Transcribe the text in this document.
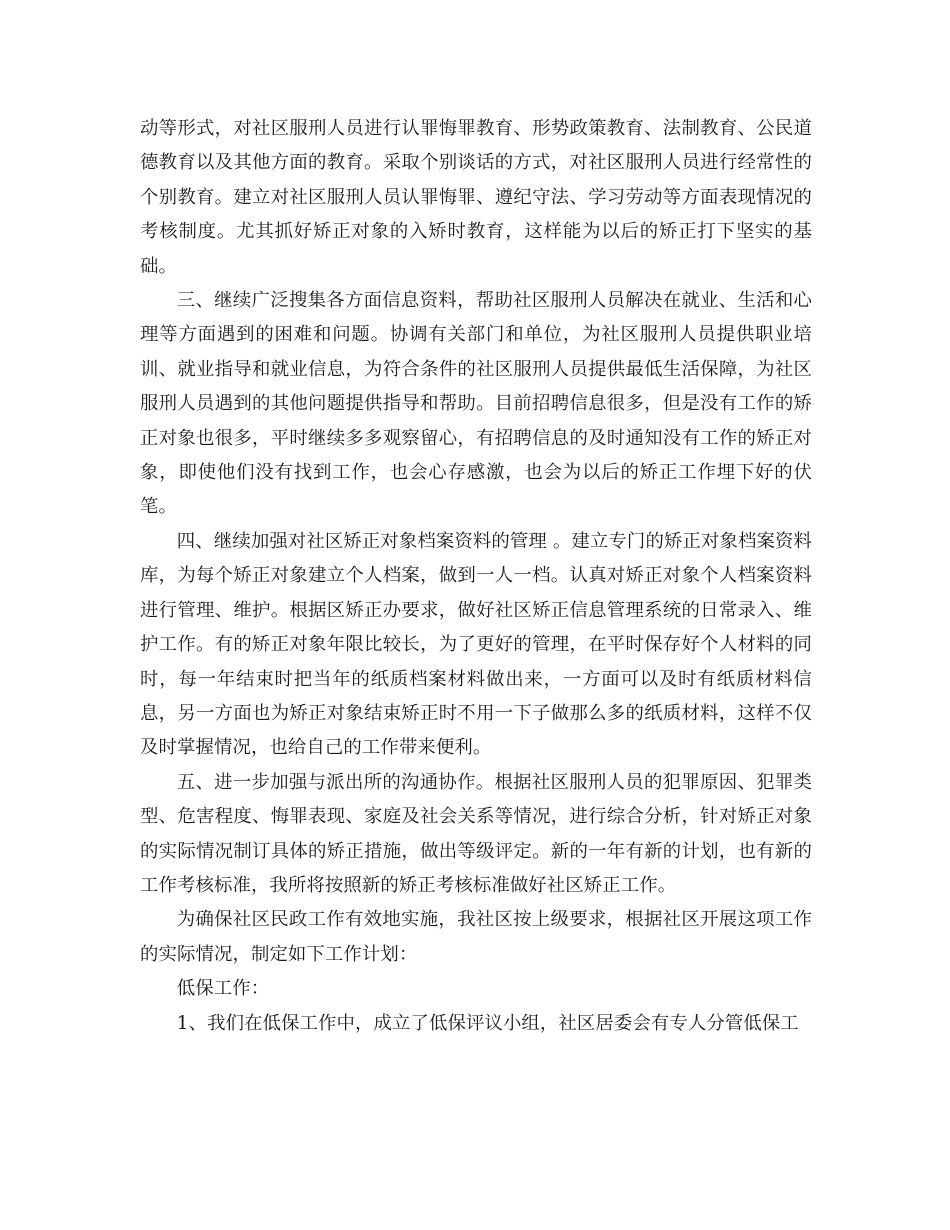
动等形式，对社区服刑人员进行认罪悔罪教育、形势政策教育、法制教育、公民道德教育以及其他方面的教育。采取个别谈话的方式，对社区服刑人员进行经常性的个别教育。建立对社区服刑人员认罪悔罪、遵纪守法、学习劳动等方面表现情况的考核制度。尤其抓好矫正对象的入矫时教育，这样能为以后的矫正打下坚实的基础。

三、继续广泛搜集各方面信息资料，帮助社区服刑人员解决在就业、生活和心理等方面遇到的困难和问题。协调有关部门和单位，为社区服刑人员提供职业培训、就业指导和就业信息，为符合条件的社区服刑人员提供最低生活保障，为社区服刑人员遇到的其他问题提供指导和帮助。目前招聘信息很多，但是没有工作的矫正对象也很多，平时继续多多观察留心，有招聘信息的及时通知没有工作的矫正对象，即使他们没有找到工作，也会心存感激，也会为以后的矫正工作埋下好的伏笔。

四、继续加强对社区矫正对象档案资料的管理 。建立专门的矫正对象档案资料库，为每个矫正对象建立个人档案，做到一人一档。认真对矫正对象个人档案资料进行管理、维护。根据区矫正办要求，做好社区矫正信息管理系统的日常录入、维护工作。有的矫正对象年限比较长，为了更好的管理，在平时保存好个人材料的同时，每一年结束时把当年的纸质档案材料做出来，一方面可以及时有纸质材料信息，另一方面也为矫正对象结束矫正时不用一下子做那么多的纸质材料，这样不仅及时掌握情况，也给自己的工作带来便利。

五、进一步加强与派出所的沟通协作。根据社区服刑人员的犯罪原因、犯罪类型、危害程度、悔罪表现、家庭及社会关系等情况，进行综合分析，针对矫正对象的实际情况制订具体的矫正措施，做出等级评定。新的一年有新的计划，也有新的工作考核标准，我所将按照新的矫正考核标准做好社区矫正工作。

为确保社区民政工作有效地实施，我社区按上级要求，根据社区开展这项工作的实际情况，制定如下工作计划：

低保工作：

1、我们在低保工作中，成立了低保评议小组，社区居委会有专人分管低保工
